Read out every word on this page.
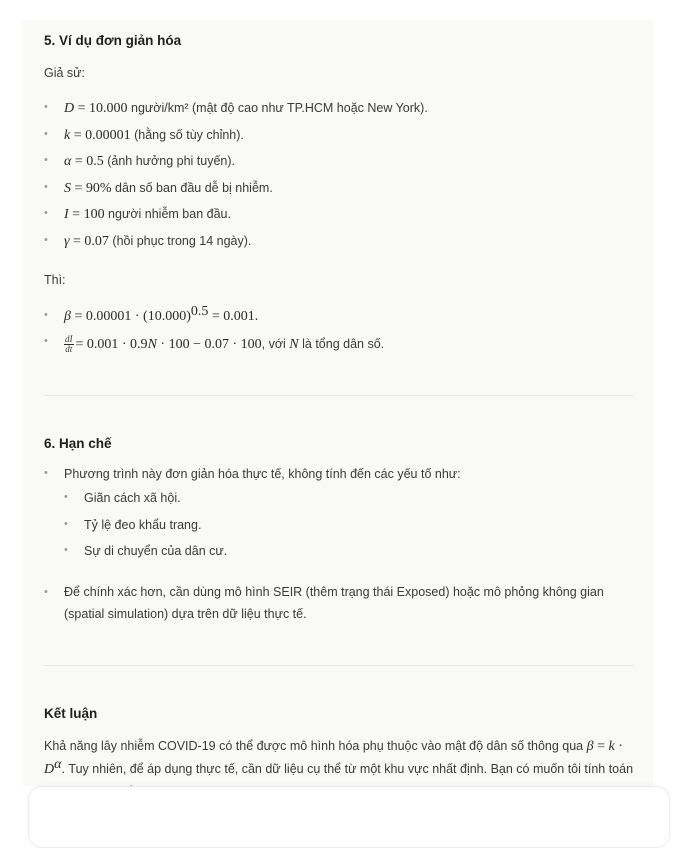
5. Ví dụ đơn giản hóa

Giả sử:

• D = 10.000 người/km² (mật độ cao như TP.HCM hoặc New York).
• k = 0.00001 (hằng số tùy chỉnh).
• α = 0.5 (ảnh hưởng phi tuyến).
• S = 90% dân số ban đầu dễ bị nhiễm.
• I = 100 người nhiễm ban đầu.
• γ = 0.07 (hồi phục trong 14 ngày).

Thì:

• $\beta = 0.00001 \cdot (10.000)^{0.5} = 0.001$.
• $\frac{dI}{dt} = 0.001 \cdot 0.9N \cdot 100 - 0.07 \cdot 100$, với N là tổng dân số.
6. Hạn chế
• Phương trình này đơn giản hóa thực tế, không tính đến các yếu tố như:
• Giãn cách xã hội.
• Tỷ lệ đeo khẩu trang.
• Sự di chuyển của dân cư.
• Để chính xác hơn, cần dùng mô hình SEIR (thêm trạng thái Exposed) hoặc mô phỏng không gian (spatial simulation) dựa trên dữ liệu thực tế.
Kết luận

Khả năng lây nhiễm COVID-19 có thể được mô hình hóa phụ thuộc vào mật độ dân số thông qua $\beta = k \cdot D^\alpha$. Tuy nhiên, để áp dụng thực tế, cần dữ liệu cụ thể từ một khu vực nhất định. Bạn có muốn tôi tính toán
